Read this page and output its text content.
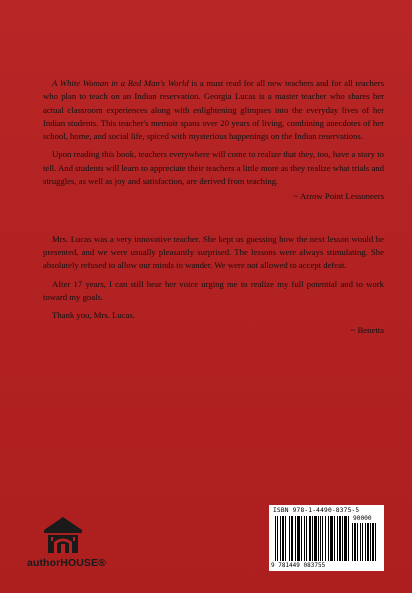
A White Woman in a Red Man's World is a must read for all new teachers and for all teachers who plan to teach on an Indian reservation. Georgia Lucas is a master teacher who shares her actual classroom experiences along with enlightening glimpses into the everyday lives of her Indian students. This teacher's memoir spans over 20 years of living, combining anecdotes of her school, home, and social life, spiced with mysterious happenings on the Indian reservations.

Upon reading this book, teachers everywhere will come to realize that they, too, have a story to tell. And students will learn to appreciate their teachers a little more as they realize what trials and struggles, as well as joy and satisfaction, are derived from teaching.

~ Arrow Point Lessoneers

Mrs. Lucas was a very innovative teacher. She kept us guessing how the next lesson would be presented, and we were usually pleasantly surprised. The lessons were always stimulating. She absolutely refused to allow our minds to wander. We were not allowed to accept defeat.

After 17 years, I can still hear her voice urging me to realize my full potential and to work toward my goals.

Thank you, Mrs. Lucas.

~ Benetta
authorHOUSE®
ISBN 978-1-4490-8375-5
90000
9 781449 083755
